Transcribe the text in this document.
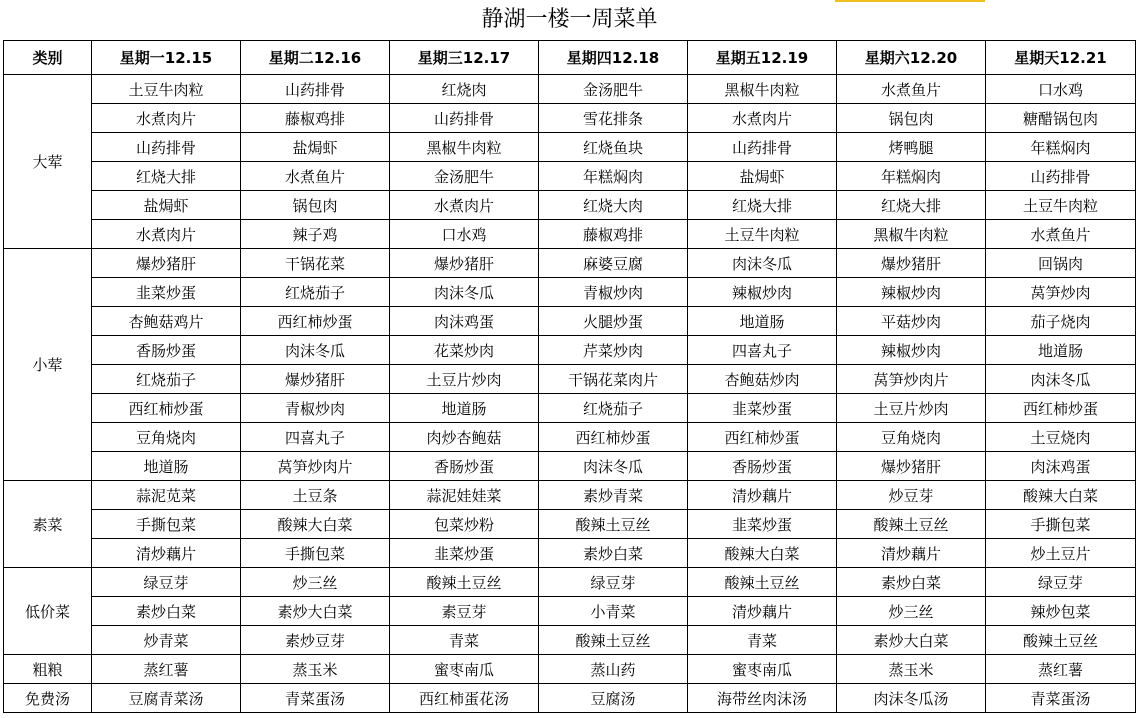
静湖一楼一周菜单
类别	星期一12.15	星期二12.16	星期三12.17	星期四12.18	星期五12.19	星期六12.20	星期天12.21
大荤	土豆牛肉粒	山药排骨	红烧肉	金汤肥牛	黑椒牛肉粒	水煮鱼片	口水鸡
	水煮肉片	藤椒鸡排	山药排骨	雪花排条	水煮肉片	锅包肉	糖醋锅包肉
	山药排骨	盐焗虾	黑椒牛肉粒	红烧鱼块	山药排骨	烤鸭腿	年糕焖肉
	红烧大排	水煮鱼片	金汤肥牛	年糕焖肉	盐焗虾	年糕焖肉	山药排骨
	盐焗虾	锅包肉	水煮肉片	红烧大肉	红烧大排	红烧大排	土豆牛肉粒
	水煮肉片	辣子鸡	口水鸡	藤椒鸡排	土豆牛肉粒	黑椒牛肉粒	水煮鱼片
小荤	爆炒猪肝	干锅花菜	爆炒猪肝	麻婆豆腐	肉沫冬瓜	爆炒猪肝	回锅肉
	韭菜炒蛋	红烧茄子	肉沫冬瓜	青椒炒肉	辣椒炒肉	辣椒炒肉	莴笋炒肉
	杏鲍菇鸡片	西红柿炒蛋	肉沫鸡蛋	火腿炒蛋	地道肠	平菇炒肉	茄子烧肉
	香肠炒蛋	肉沫冬瓜	花菜炒肉	芹菜炒肉	四喜丸子	辣椒炒肉	地道肠
	红烧茄子	爆炒猪肝	土豆片炒肉	干锅花菜肉片	杏鲍菇炒肉	莴笋炒肉片	肉沫冬瓜
	西红柿炒蛋	青椒炒肉	地道肠	红烧茄子	韭菜炒蛋	土豆片炒肉	西红柿炒蛋
	豆角烧肉	四喜丸子	肉炒杏鲍菇	西红柿炒蛋	西红柿炒蛋	豆角烧肉	土豆烧肉
	地道肠	莴笋炒肉片	香肠炒蛋	肉沫冬瓜	香肠炒蛋	爆炒猪肝	肉沫鸡蛋
素菜	蒜泥苋菜	土豆条	蒜泥娃娃菜	素炒青菜	清炒藕片	炒豆芽	酸辣大白菜
	手撕包菜	酸辣大白菜	包菜炒粉	酸辣土豆丝	韭菜炒蛋	酸辣土豆丝	手撕包菜
	清炒藕片	手撕包菜	韭菜炒蛋	素炒白菜	酸辣大白菜	清炒藕片	炒土豆片
低价菜	绿豆芽	炒三丝	酸辣土豆丝	绿豆芽	酸辣土豆丝	素炒白菜	绿豆芽
	素炒白菜	素炒大白菜	素豆芽	小青菜	清炒藕片	炒三丝	辣炒包菜
	炒青菜	素炒豆芽	青菜	酸辣土豆丝	青菜	素炒大白菜	酸辣土豆丝
粗粮	蒸红薯	蒸玉米	蜜枣南瓜	蒸山药	蜜枣南瓜	蒸玉米	蒸红薯
免费汤	豆腐青菜汤	青菜蛋汤	西红柿蛋花汤	豆腐汤	海带丝肉沫汤	肉沫冬瓜汤	青菜蛋汤
